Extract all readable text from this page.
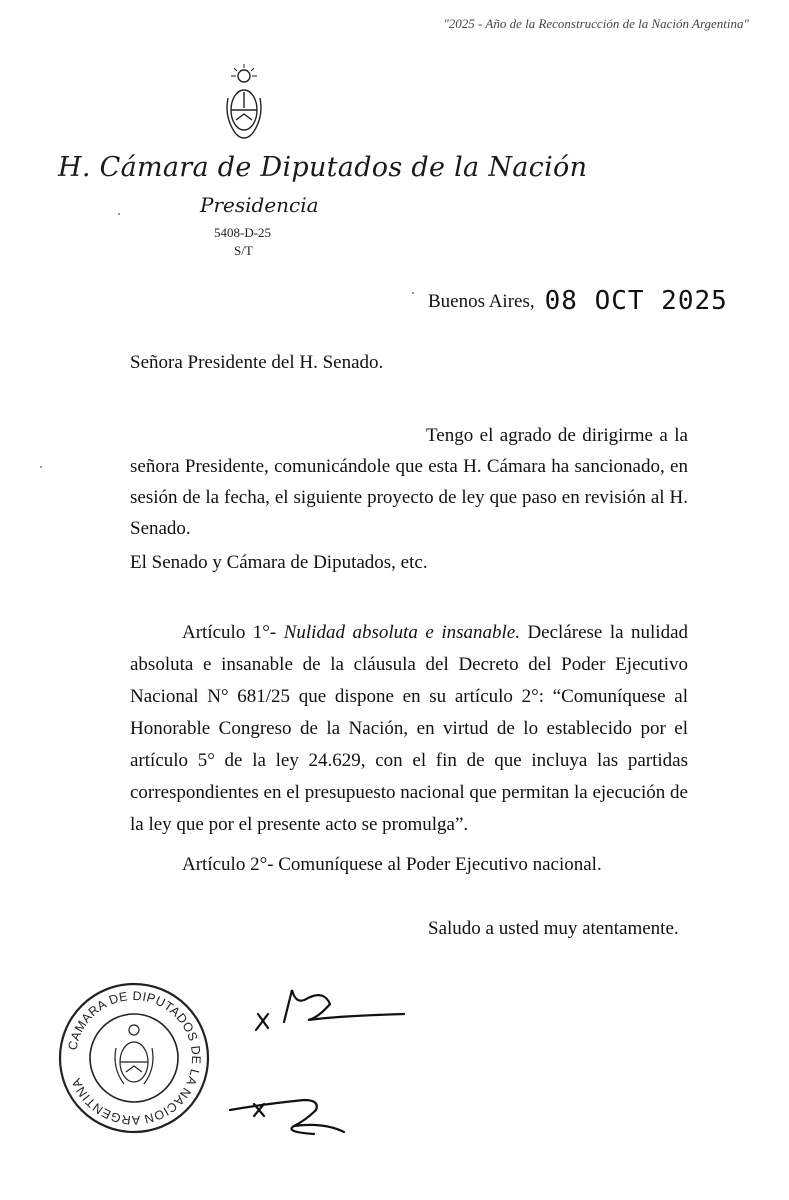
"2025 - Año de la Reconstrucción de la Nación Argentina"
H. Cámara de Diputados de la Nación
Presidencia
5408-D-25
S/T
Buenos Aires, 08 OCT 2025
Señora Presidente del H. Senado.
Tengo el agrado de dirigirme a la señora Presidente, comunicándole que esta H. Cámara ha sancionado, en sesión de la fecha, el siguiente proyecto de ley que paso en revisión al H. Senado.
El Senado y Cámara de Diputados, etc.
Artículo 1°- Nulidad absoluta e insanable. Declárese la nulidad absoluta e insanable de la cláusula del Decreto del Poder Ejecutivo Nacional N° 681/25 que dispone en su artículo 2°: “Comuníquese al Honorable Congreso de la Nación, en virtud de lo establecido por el artículo 5° de la ley 24.629, con el fin de que incluya las partidas correspondientes en el presupuesto nacional que permitan la ejecución de la ley que por el presente acto se promulga”.
Artículo 2°- Comuníquese al Poder Ejecutivo nacional.
Saludo a usted muy atentamente.
CAMARA DE DIPUTADOS DE LA NACION ARGENTINA
